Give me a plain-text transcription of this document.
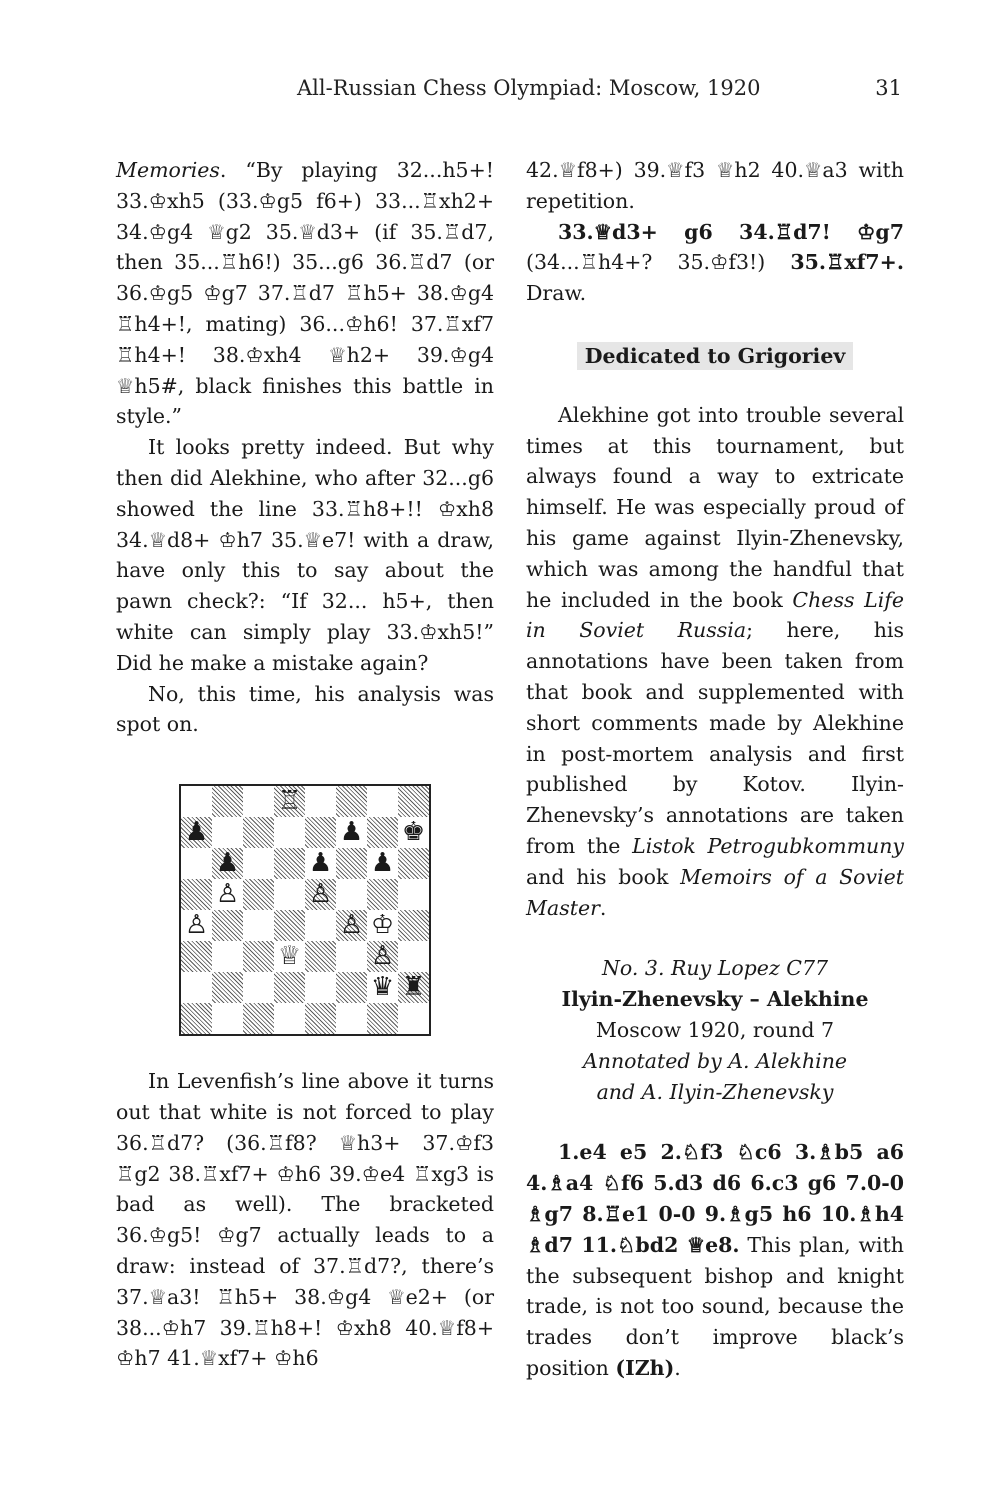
All-Russian Chess Olympiad: Moscow, 1920	31

Memories. “By playing 32...h5+! 33.♔xh5 (33.♔g5 f6+) 33...♖xh2+ 34.♔g4 ♕g2 35.♕d3+ (if 35.♖d7, then 35...♖h6!) 35...g6 36.♖d7 (or 36.♔g5 ♔g7 37.♖d7 ♖h5+ 38.♔g4 ♖h4+!, mating) 36...♔h6! 37.♖xf7 ♖h4+! 38.♔xh4 ♕h2+ 39.♔g4 ♕h5#, black finishes this battle in style.”

It looks pretty indeed. But why then did Alekhine, who after 32...g6 showed the line 33.♖h8+!! ♔xh8 34.♕d8+ ♔h7 35.♕e7! with a draw, have only this to say about the pawn check?: “If 32... h5+, then white can simply play 33.♔xh5!” Did he make a mistake again?

No, this time, his analysis was spot on.

♖
♟	♟ ♚
♟	♟ ♟
♙	♙
♙	♙ ♔
♕	♙
♛ ♜

In Levenfish’s line above it turns out that white is not forced to play 36.♖d7? (36.♖f8? ♕h3+ 37.♔f3 ♖g2 38.♖xf7+ ♔h6 39.♔e4 ♖xg3 is bad as well). The bracketed 36.♔g5! ♔g7 actually leads to a draw: instead of 37.♖d7?, there’s 37.♕a3! ♖h5+ 38.♔g4 ♕e2+ (or 38...♔h7 39.♖h8+! ♔xh8 40.♕f8+ ♔h7 41.♕xf7+ ♔h6

42.♕f8+) 39.♕f3 ♕h2 40.♕a3 with repetition.

33.♕d3+ g6 34.♖d7! ♔g7 (34...♖h4+? 35.♔f3!) 35.♖xf7+. Draw.

Dedicated to Grigoriev

Alekhine got into trouble several times at this tournament, but always found a way to extricate himself. He was especially proud of his game against Ilyin-Zhenevsky, which was among the handful that he included in the book Chess Life in Soviet Russia; here, his annotations have been taken from that book and supplemented with short comments made by Alekhine in post-mortem analysis and first published by Kotov. Ilyin-Zhenevsky’s annotations are taken from the Listok Petrogubkommuny and his book Memoirs of a Soviet Master.

No. 3. Ruy Lopez C77
Ilyin-Zhenevsky – Alekhine
Moscow 1920, round 7
Annotated by A. Alekhine
and A. Ilyin-Zhenevsky

1.e4 e5 2.♘f3 ♘c6 3.♗b5 a6 4.♗a4 ♘f6 5.d3 d6 6.c3 g6 7.0-0 ♗g7 8.♖e1 0-0 9.♗g5 h6 10.♗h4 ♗d7 11.♘bd2 ♕e8. This plan, with the subsequent bishop and knight trade, is not too sound, because the trades don’t improve black’s position (IZh).
